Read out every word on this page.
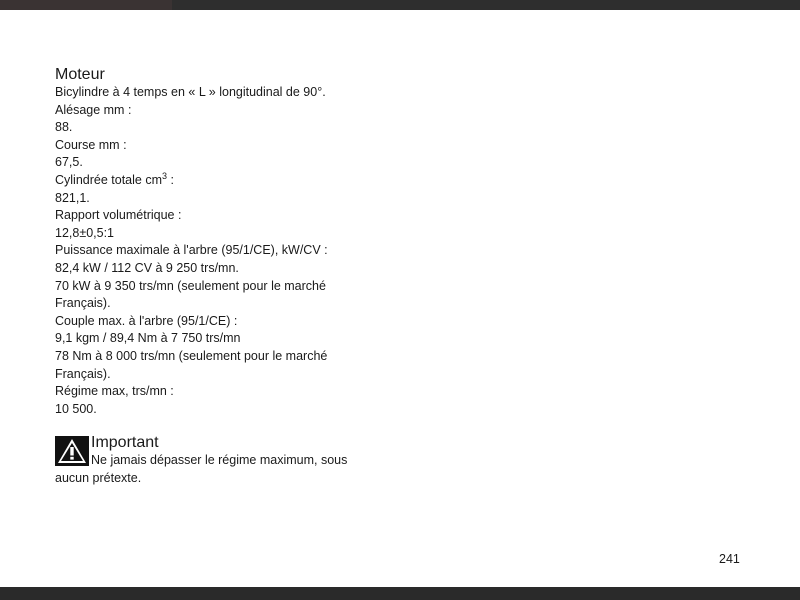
Moteur
Bicylindre à 4 temps en « L » longitudinal de 90°.
Alésage mm :
88.
Course mm :
67,5.
Cylindrée totale $cm^3$ :
821,1.
Rapport volumétrique :
12,8±0,5:1
Puissance maximale à l'arbre (95/1/CE), kW/CV :
82,4 kW / 112 CV à 9 250 trs/mn.
70 kW à 9 350 trs/mn (seulement pour le marché
Français).
Couple max. à l'arbre (95/1/CE) :
9,1 kgm / 89,4 Nm à 7 750 trs/mn
78 Nm à 8 000 trs/mn (seulement pour le marché
Français).
Régime max, trs/mn :
10 500.
Important
Ne jamais dépasser le régime maximum, sous
aucun prétexte.
241
